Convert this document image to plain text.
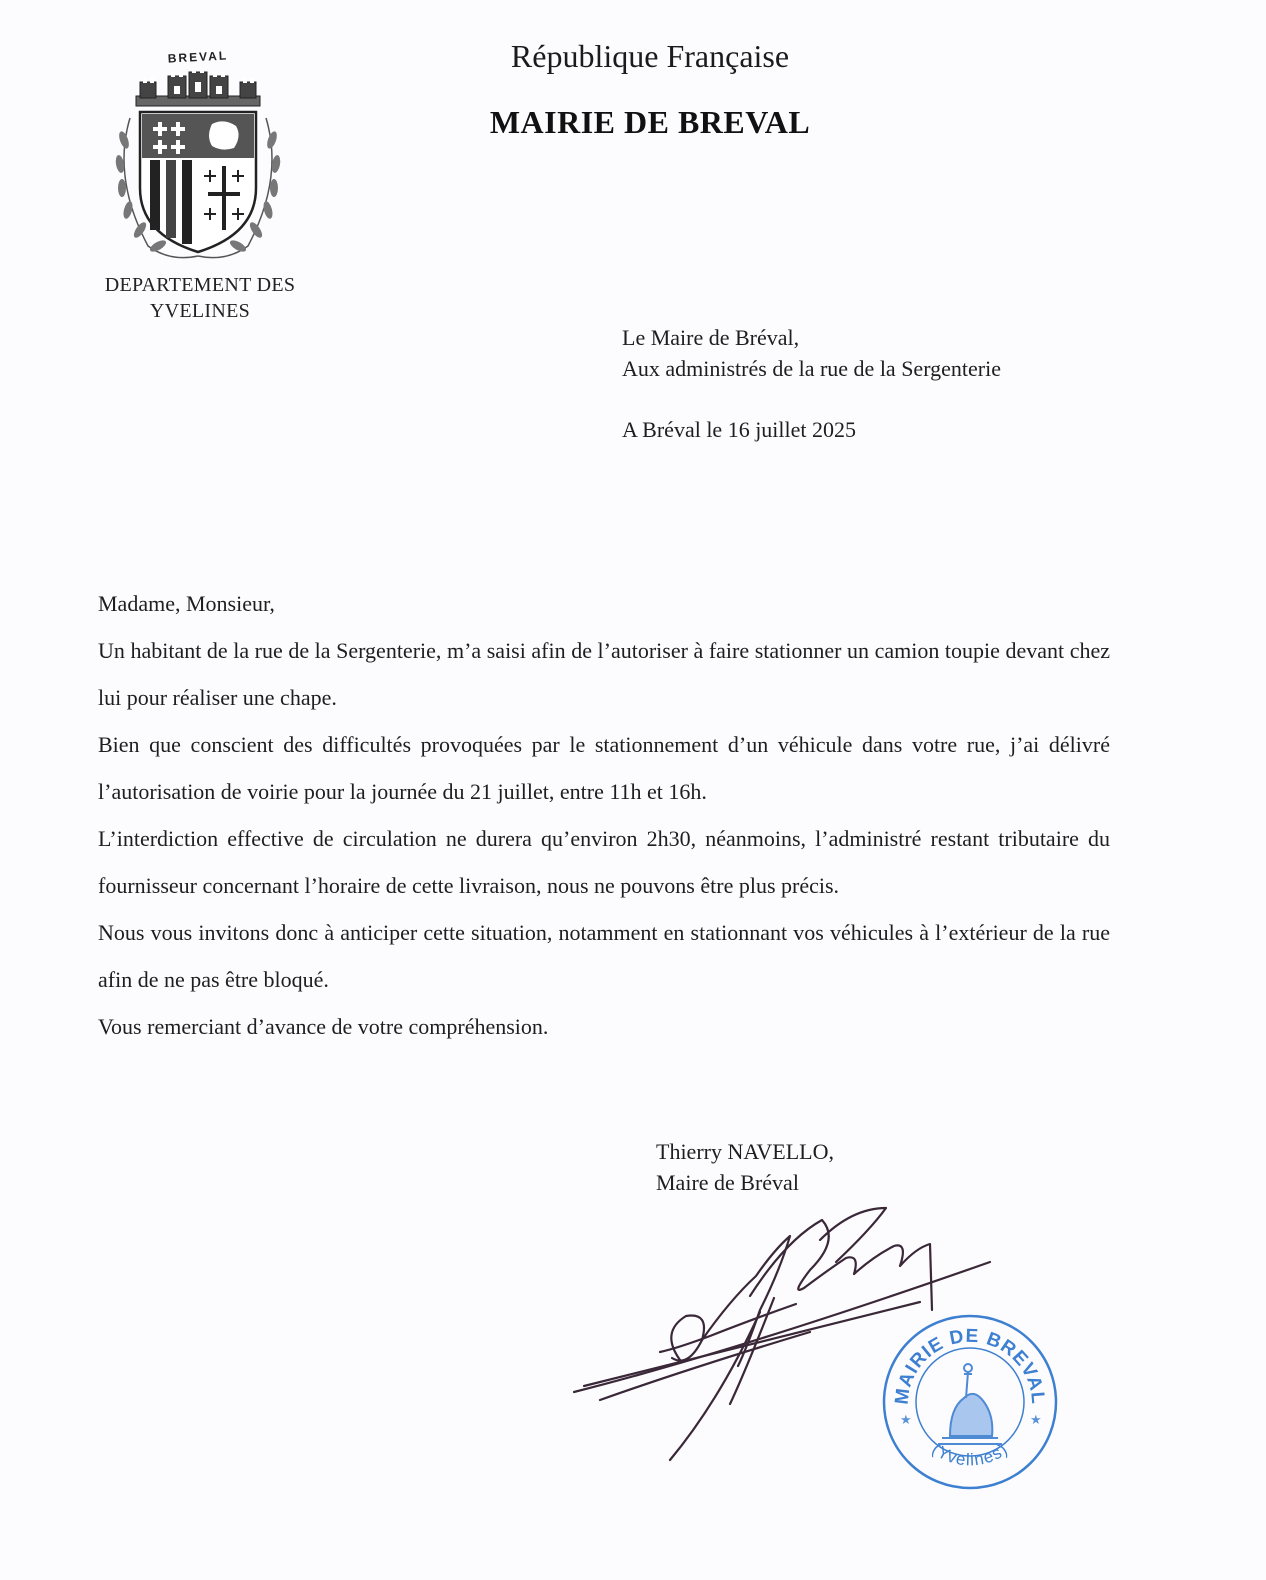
BREVAL
DEPARTEMENT DES
YVELINES
République Française
MAIRIE DE BREVAL
Le Maire de Bréval,
Aux administrés de la rue de la Sergenterie
A Bréval le 16 juillet 2025

Madame, Monsieur,

Un habitant de la rue de la Sergenterie, m’a saisi afin de l’autoriser à faire stationner un camion toupie devant chez lui pour réaliser une chape.

Bien que conscient des difficultés provoquées par le stationnement d’un véhicule dans votre rue, j’ai délivré l’autorisation de voirie pour la journée du 21 juillet, entre 11h et 16h.

L’interdiction effective de circulation ne durera qu’environ 2h30, néanmoins, l’administré restant tributaire du fournisseur concernant l’horaire de cette livraison, nous ne pouvons être plus précis.

Nous vous invitons donc à anticiper cette situation, notamment en stationnant vos véhicules à l’extérieur de la rue afin de ne pas être bloqué.

Vous remerciant d’avance de votre compréhension.

Thierry NAVELLO,
Maire de Bréval
MAIRIE DE BREVAL
(Yvelines)
★	★
